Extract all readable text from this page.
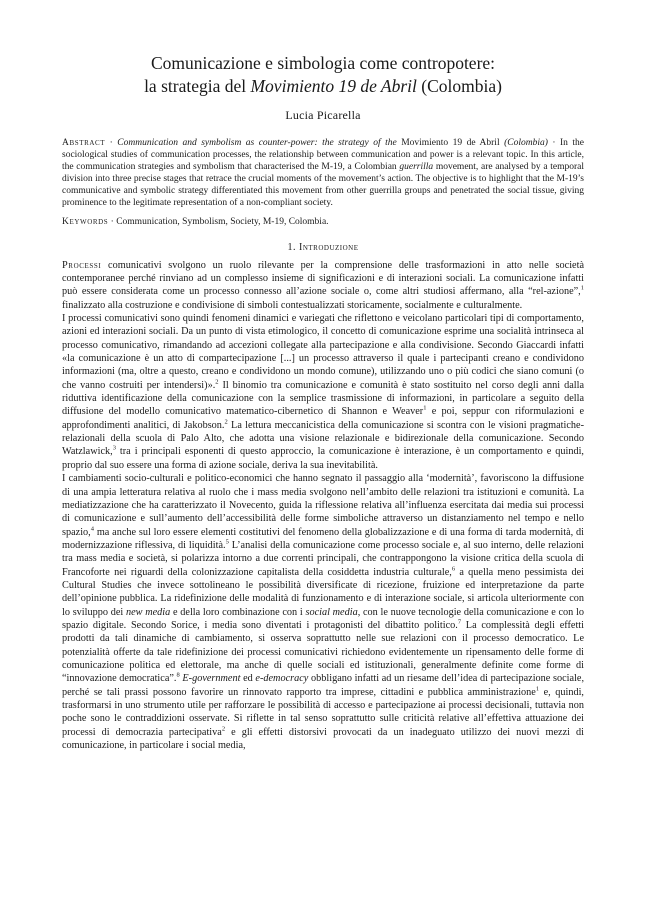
Comunicazione e simbologia come contropotere:
la strategia del Movimiento 19 de Abril (Colombia)
Lucia Picarella

Abstract · Communication and symbolism as counter-power: the strategy of the Movimiento 19 de Abril (Colombia) · In the sociological studies of communication processes, the relationship between communication and power is a relevant topic. In this article, the communication strategies and symbolism that characterised the M-19, a Colombian guerrilla movement, are analysed by a temporal division into three precise stages that retrace the crucial moments of the movement’s action. The objective is to highlight that the M-19’s communicative and symbolic strategy differentiated this movement from other guerrilla groups and penetrated the social tissue, giving prominence to the legitimate representation of a non-compliant society.

Keywords · Communication, Symbolism, Society, M-19, Colombia.

1. Introduzione

Processi comunicativi svolgono un ruolo rilevante per la comprensione delle trasformazioni in atto nelle società contemporanee perché rinviano ad un complesso insieme di significazioni e di interazioni sociali. La comunicazione infatti può essere considerata come un processo connesso all’azione sociale o, come altri studiosi affermano, alla “rel-azione”,$^1$ finalizzato alla costruzione e condivisione di simboli contestualizzati storicamente, socialmente e culturalmente.

I processi comunicativi sono quindi fenomeni dinamici e variegati che riflettono e veicolano particolari tipi di comportamento, azioni ed interazioni sociali. Da un punto di vista etimologico, il concetto di comunicazione esprime una socialità intrinseca al processo comunicativo, rimandando ad accezioni collegate alla partecipazione e alla condivisione. Secondo Giaccardi infatti «la comunicazione è un atto di compartecipazione [...] un processo attraverso il quale i partecipanti creano e condividono informazioni (ma, oltre a questo, creano e condividono un mondo comune), utilizzando uno o più codici che siano comuni (o che vanno costruiti per intendersi)».$^2$ Il binomio tra comunicazione e comunità è stato sostituito nel corso degli anni dalla riduttiva identificazione della comunicazione con la semplice trasmissione di informazioni, in particolare a seguito della diffusione del modello comunicativo matematico-cibernetico di Shannon e Weaver$^1$ e poi, seppur con riformulazioni e approfondimenti analitici, di Jakobson.$^2$ La lettura meccanicistica della comunicazione si scontra con le visioni pragmatiche-relazionali della scuola di Palo Alto, che adotta una visione relazionale e bidirezionale della comunicazione. Secondo Watzlawick,$^3$ tra i principali esponenti di questo approccio, la comunicazione è interazione, è un comportamento e quindi, proprio dal suo essere una forma di azione sociale, deriva la sua inevitabilità.

I cambiamenti socio-culturali e politico-economici che hanno segnato il passaggio alla ‘modernità’, favoriscono la diffusione di una ampia letteratura relativa al ruolo che i mass media svolgono nell’ambito delle relazioni tra istituzioni e comunità. La mediatizzazione che ha caratterizzato il Novecento, guida la riflessione relativa all’influenza esercitata dai media sui processi di comunicazione e sull’aumento dell’accessibilità delle forme simboliche attraverso un distanziamento nel tempo e nello spazio,$^4$ ma anche sul loro essere elementi costitutivi del fenomeno della globalizzazione e di una forma di tarda modernità, di modernizzazione riflessiva, di liquidità.$^5$ L’analisi della comunicazione come processo sociale e, al suo interno, delle relazioni tra mass media e società, si polarizza intorno a due correnti principali, che contrappongono la visione critica della scuola di Francoforte nei riguardi della colonizzazione capitalista della cosiddetta industria culturale,$^6$ a quella meno pessimista dei Cultural Studies che invece sottolineano le possibilità diversificate di ricezione, fruizione ed interpretazione da parte dell’opinione pubblica. La ridefinizione delle modalità di funzionamento e di interazione sociale, si articola ulteriormente con lo sviluppo dei new media e della loro combinazione con i social media, con le nuove tecnologie della comunicazione e con lo spazio digitale. Secondo Sorice, i media sono diventati i protagonisti del dibattito politico.$^7$ La complessità degli effetti prodotti da tali dinamiche di cambiamento, si osserva soprattutto nelle sue relazioni con il processo democratico. Le potenzialità offerte da tale ridefinizione dei processi comunicativi richiedono evidentemente un ripensamento delle forme di comunicazione politica ed elettorale, ma anche di quelle sociali ed istituzionali, generalmente definite come forme di “innovazione democratica”.$^8$ E-government ed e-democracy obbligano infatti ad un riesame dell’idea di partecipazione sociale, perché se tali prassi possono favorire un rinnovato rapporto tra imprese, cittadini e pubblica amministrazione$^1$ e, quindi, trasformarsi in uno strumento utile per rafforzare le possibilità di accesso e partecipazione ai processi decisionali, tuttavia non poche sono le contraddizioni osservate. Si riflette in tal senso soprattutto sulle criticità relative all’effettiva attuazione dei processi di democrazia partecipativa$^2$ e gli effetti distorsivi provocati da un inadeguato utilizzo dei nuovi mezzi di comunicazione, in particolare i social media,
